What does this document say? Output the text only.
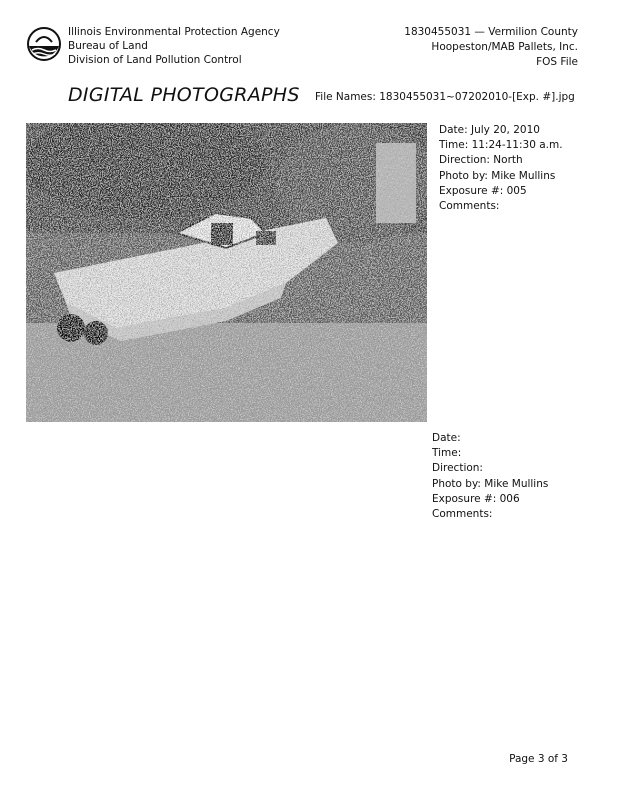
Illinois Environmental Protection Agency
Bureau of Land
Division of Land Pollution Control
1830455031 — Vermilion County
Hoopeston/MAB Pallets, Inc.
FOS File
DIGITAL PHOTOGRAPHS File Names: 1830455031~07202010-[Exp. #].jpg
Date: July 20, 2010
Time: 11:24-11:30 a.m.
Direction: North
Photo by: Mike Mullins
Exposure #: 005
Comments:
Date:
Time:
Direction:
Photo by: Mike Mullins
Exposure #: 006
Comments:
Page 3 of 3
